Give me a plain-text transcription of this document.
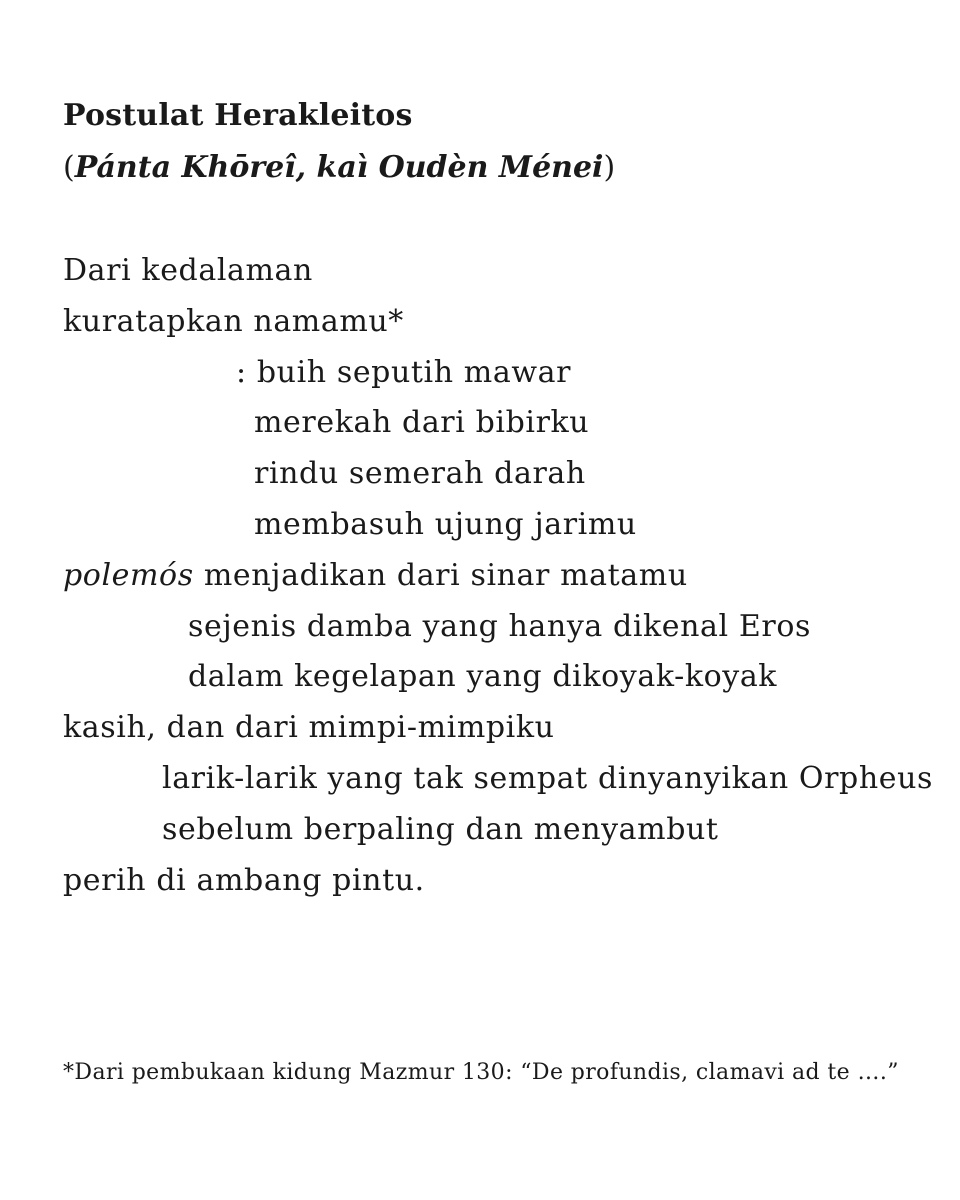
Postulat Herakleitos
(Pánta Khōreî, kaì Oudèn Ménei)
Dari kedalaman
kuratapkan namamu*
: buih seputih mawar
merekah dari bibirku
rindu semerah darah
membasuh ujung jarimu
polemós menjadikan dari sinar matamu
sejenis damba yang hanya dikenal Eros
dalam kegelapan yang dikoyak-koyak
kasih, dan dari mimpi-mimpiku
larik-larik yang tak sempat dinyanyikan Orpheus
sebelum berpaling dan menyambut
perih di ambang pintu.
*Dari pembukaan kidung Mazmur 130: “De profundis, clamavi ad te ….”
